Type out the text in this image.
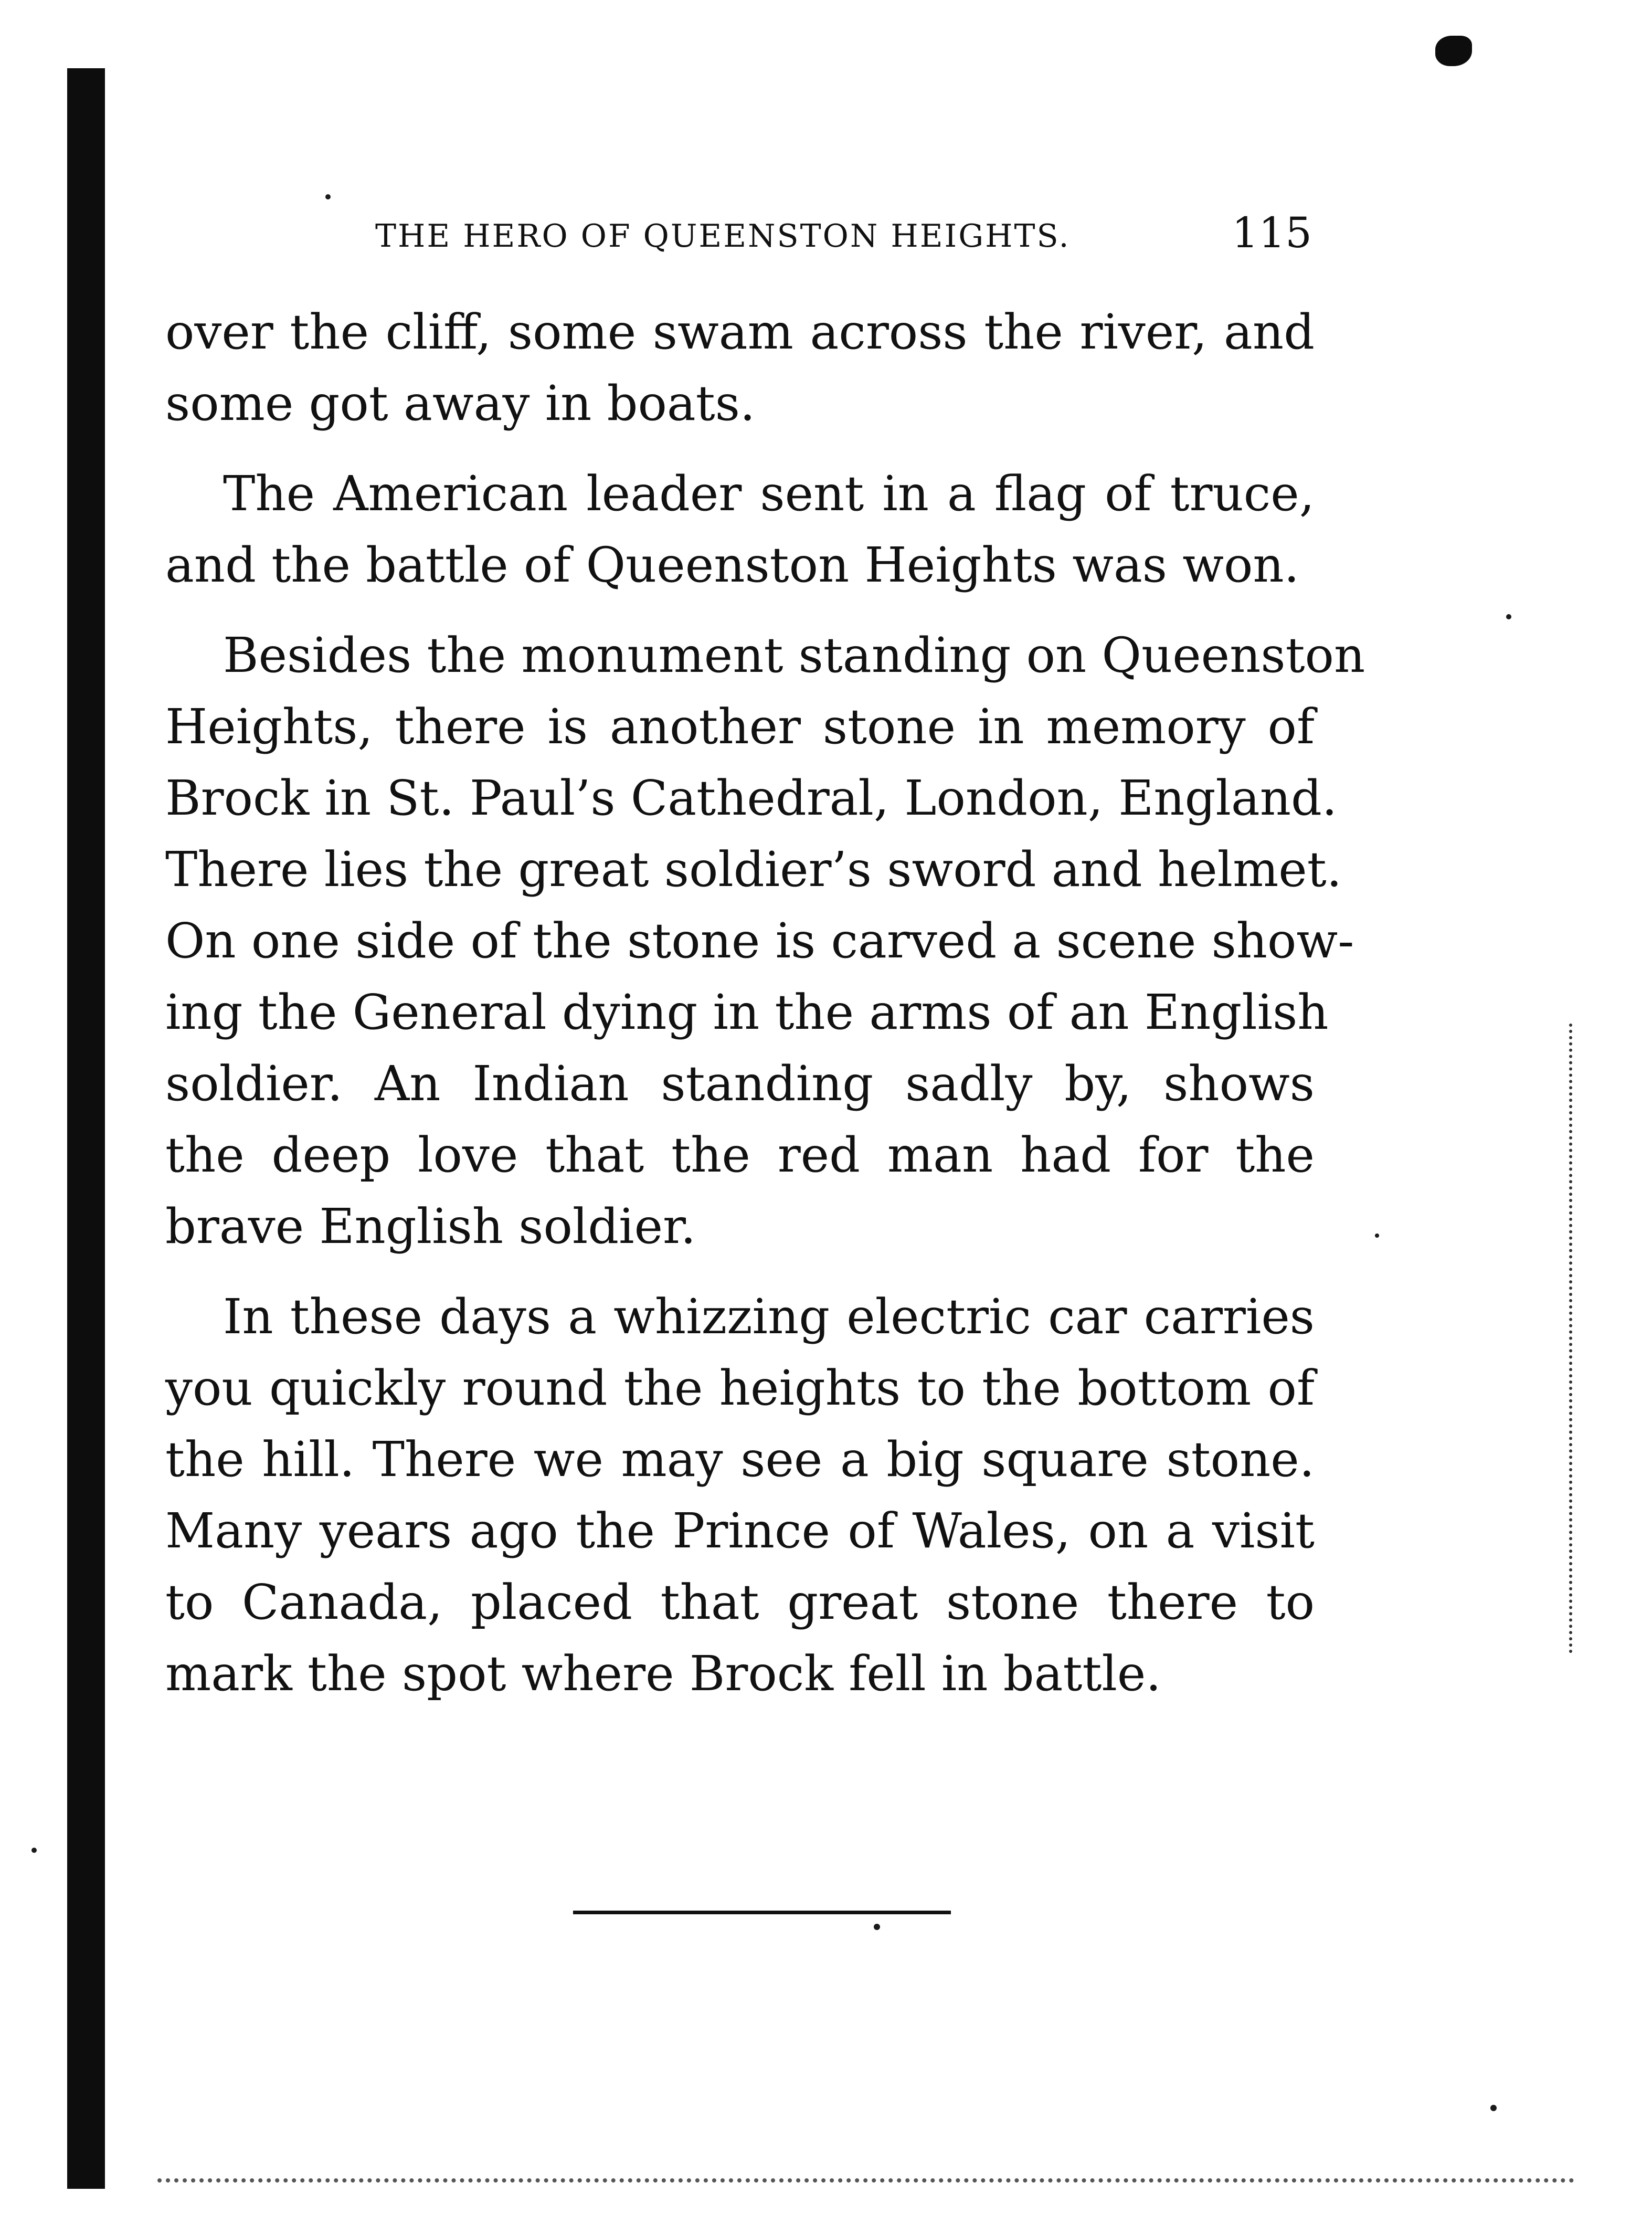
THE HERO OF QUEENSTON HEIGHTS.	115

over the cliff, some swam across the river, and
some got away in boats.

The American leader sent in a flag of truce,
and the battle of Queenston Heights was won.

Besides the monument standing on Queenston
Heights, there is another stone in memory of
Brock in St. Paul’s Cathedral, London, England.
There lies the great soldier’s sword and helmet.
On one side of the stone is carved a scene show-
ing the General dying in the arms of an English
soldier. An Indian standing sadly by, shows
the deep love that the red man had for the
brave English soldier.

In these days a whizzing electric car carries
you quickly round the heights to the bottom of
the hill. There we may see a big square stone.
Many years ago the Prince of Wales, on a visit
to Canada, placed that great stone there to
mark the spot where Brock fell in battle.
